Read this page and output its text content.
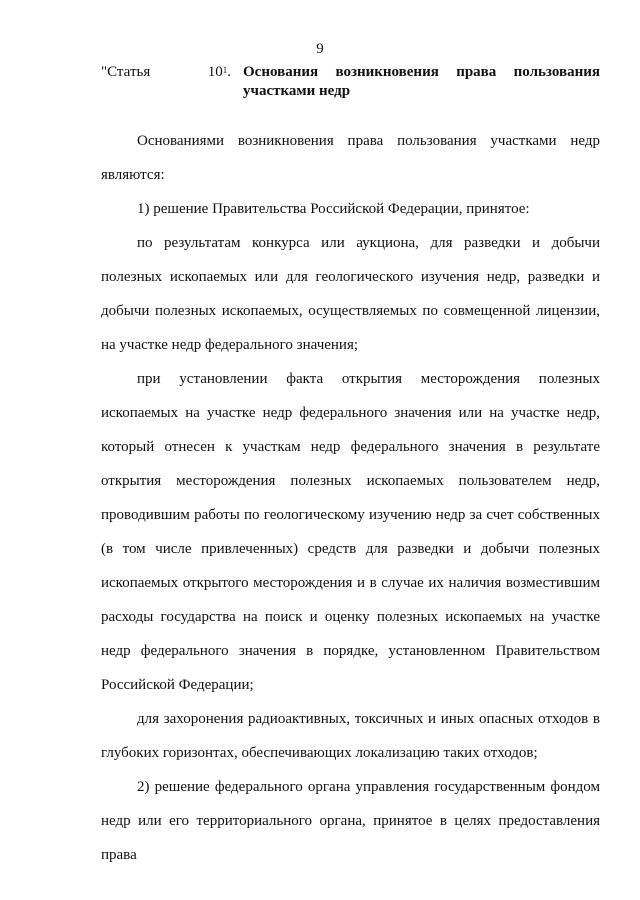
9
"Статья	$10^1$. Основания возникновения права пользования участками недр

Основаниями возникновения права пользования участками недр являются:

1) решение Правительства Российской Федерации, принятое:

по результатам конкурса или аукциона, для разведки и добычи полезных ископаемых или для геологического изучения недр, разведки и добычи полезных ископаемых, осуществляемых по совмещенной лицензии, на участке недр федерального значения;

при установлении факта открытия месторождения полезных ископаемых на участке недр федерального значения или на участке недр, который отнесен к участкам недр федерального значения в результате открытия месторождения полезных ископаемых пользователем недр, проводившим работы по геологическому изучению недр за счет собственных (в том числе привлеченных) средств для разведки и добычи полезных ископаемых открытого месторождения и в случае их наличия возместившим расходы государства на поиск и оценку полезных ископаемых на участке недр федерального значения в порядке, установленном Правительством Российской Федерации;

для захоронения радиоактивных, токсичных и иных опасных отходов в глубоких горизонтах, обеспечивающих локализацию таких отходов;

2) решение федерального органа управления государственным фондом недр или его территориального органа, принятое в целях предоставления права
